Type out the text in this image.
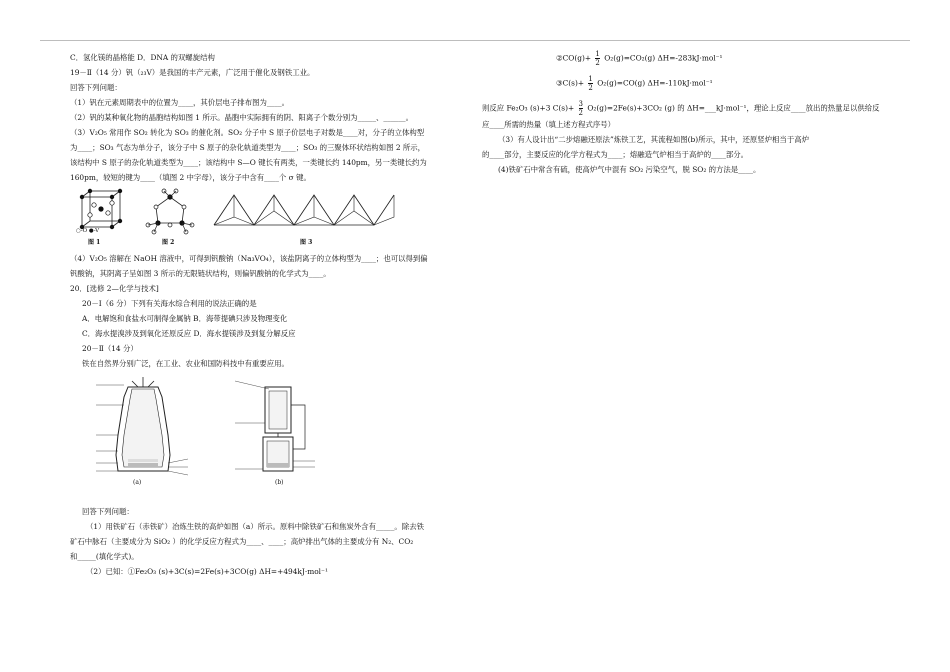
C．氢化镁的晶格能 D．DNA 的双螺旋结构
19－Ⅱ（14 分）钒（₂₃V）是我国的丰产元素，广泛用于催化及钢铁工业。
回答下列问题：
（1）钒在元素周期表中的位置为____，其价层电子排布图为____。
（2）钒的某种氧化物的晶胞结构如图 1 所示。晶胞中实际拥有的阴、阳离子个数分别为_____、______。
（3）V₂O₅ 常用作 SO₂ 转化为 SO₃ 的催化剂。SO₂ 分子中 S 原子价层电子对数是____对，分子的立体构型
为____；SO₃ 气态为单分子，该分子中 S 原子的杂化轨道类型为____；SO₃ 的三聚体环状结构如图 2 所示，
该结构中 S 原子的杂化轨道类型为____；该结构中 S—O 键长有两类，一类键长约 140pm，另一类键长约为
160pm，较短的键为____（填图 2 中字母），该分子中含有____个 σ 键。
○-O ●-V
图 1	图 2	图 3
（4）V₂O₅ 溶解在 NaOH 溶液中，可得到钒酸钠（Na₃VO₄），该盐阴离子的立体构型为____；也可以得到偏
钒酸钠，其阴离子呈如图 3 所示的无限链状结构，则偏钒酸钠的化学式为____。
20．[选修 2—化学与技术]
20－Ⅰ（6 分）下列有关海水综合利用的说法正确的是
A．电解饱和食盐水可制得金属钠 B．海带提碘只涉及物理变化
C．海水提溴涉及到氧化还原反应 D．海水提镁涉及到复分解反应
20－Ⅱ（14 分）
铁在自然界分别广泛，在工业、农业和国防科技中有重要应用。
(a)	(b)
回答下列问题：
（1）用铁矿石（赤铁矿）冶炼生铁的高炉如图（a）所示。原料中除铁矿石和焦炭外含有_____。除去铁
矿石中脉石（主要成分为 SiO₂ ）的化学反应方程式为____、____；高炉排出气体的主要成分有 N₂、CO₂
和_____(填化学式)。
（2）已知：①Fe₂O₃ (s)+3C(s)=2Fe(s)+3CO(g) ΔH=+494kJ·mol⁻¹
②CO(g)+ $\frac{1}{2} O_2(g)=CO_2(g)$ ΔH=-283kJ·mol⁻¹
③C(s)+ $\frac{1}{2} O_2(g)=CO(g)$ ΔH=-110kJ·mol⁻¹
则反应 Fe₂O₃ (s)+3 $C(s)+ \frac{3}{2} O_2(g)=2Fe(s)+3CO_2$ (g) 的 ΔH=___kJ·mol⁻¹，理论上反应____放出的热量足以供给反
应____所需的热量（填上述方程式序号）
（3）有人设计出“二步熔融还原法”炼铁工艺，其流程如图(b)所示，其中，还原竖炉相当于高炉
的____部分，主要反应的化学方程式为____；熔融造气炉相当于高炉的____部分。
(4)铁矿石中常含有硫，使高炉气中混有 SO₂ 污染空气，脱 SO₂ 的方法是____。
